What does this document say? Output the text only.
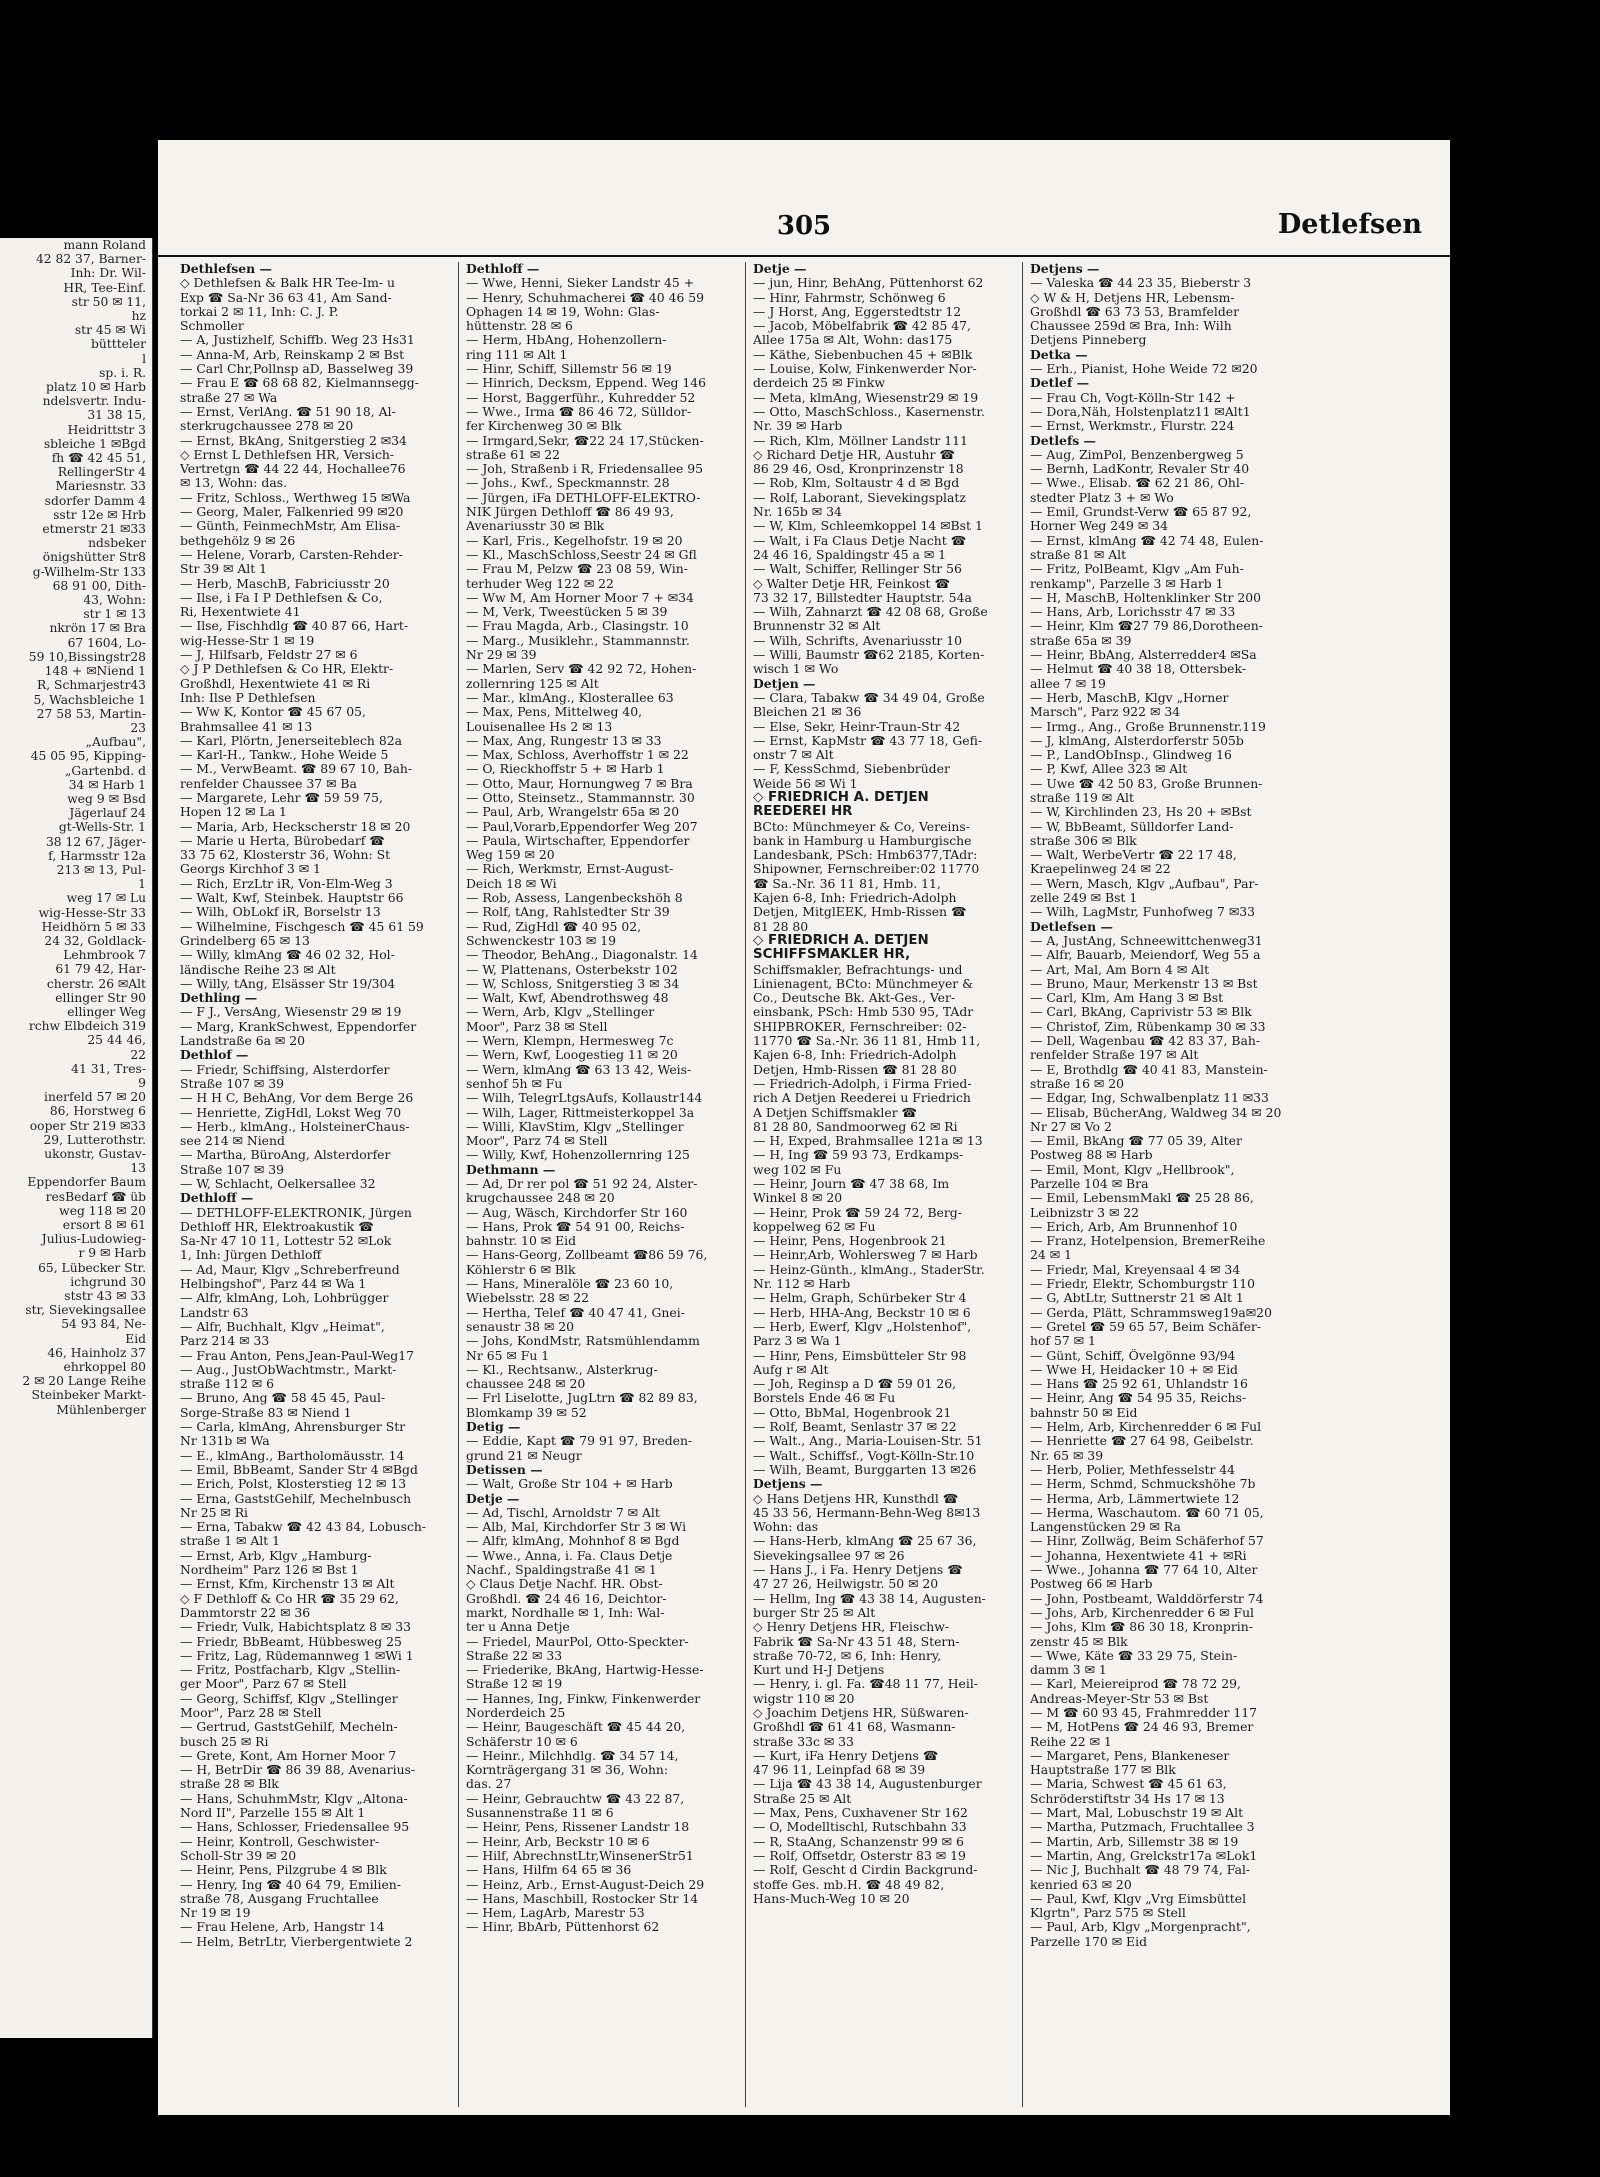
mann Roland
42 82 37, Barner-
Inh: Dr. Wil-
HR, Tee-Einf.
str 50 ✉ 11,
hz
str 45 ✉ Wi
büttteler
l
sp. i. R.
platz 10 ✉ Harb
ndelsvertr. Indu-
31 38 15,
Heidrittstr 3
sbleiche 1 ✉Bgd
fh ☎ 42 45 51,
RellingerStr 4
Mariesnstr. 33
sdorfer Damm 4
sstr 12e ✉ Hrb
etmerstr 21 ✉33
ndsbeker
önigshütter Str8
g-Wilhelm-Str 133
68 91 00, Dith-
43, Wohn:
str 1 ✉ 13
nkrön 17 ✉ Bra
67 1604, Lo-
59 10,Bissingstr28
148 + ✉Niend 1
R, Schmarjestr43
5, Wachsbleiche 1
27 58 53, Martin-
23
„Aufbau",
45 05 95, Kipping-
„Gartenbd. d
34 ✉ Harb 1
weg 9 ✉ Bsd
Jägerlauf 24
gt-Wells-Str. 1
38 12 67, Jäger-
f, Harmsstr 12a
213 ✉ 13, Pul-
1
weg 17 ✉ Lu
wig-Hesse-Str 33
Heidhörn 5 ✉ 33
24 32, Goldlack-
Lehmbrook 7
61 79 42, Har-
cherstr. 26 ✉Alt
ellinger Str 90
ellinger Weg
rchw Elbdeich 319
25 44 46,
22
41 31, Tres-
9
inerfeld 57 ✉ 20
86, Horstweg 6
ooper Str 219 ✉33
29, Lutterothstr.
ukonstr, Gustav-
13
Eppendorfer Baum
resBedarf ☎ üb
weg 118 ✉ 20
ersort 8 ✉ 61
Julius-Ludowieg-
r 9 ✉ Harb
65, Lübecker Str.
ichgrund 30
ststr 43 ✉ 33
str, Sievekingsallee
54 93 84, Ne-
Eid
46, Hainholz 37
ehrkoppel 80
2 ✉ 20 Lange Reihe
Steinbeker Markt-
Mühlenberger
305	Detlefsen
Dethlefsen —
◇ Dethlefsen & Balk HR Tee-Im- u
Exp ☎ Sa-Nr 36 63 41, Am Sand-
torkai 2 ✉ 11, Inh: C. J. P.
Schmoller
— A, Justizhelf, Schiffb. Weg 23 Hs31
— Anna-M, Arb, Reinskamp 2 ✉ Bst
— Carl Chr,Pollnsp aD, Basselweg 39
— Frau E ☎ 68 68 82, Kielmannsegg-
straße 27 ✉ Wa
— Ernst, VerlAng. ☎ 51 90 18, Al-
sterkrugchaussee 278 ✉ 20
— Ernst, BkAng, Snitgerstieg 2 ✉34
◇ Ernst L Dethlefsen HR, Versich-
Vertretgn ☎ 44 22 44, Hochallee76
✉ 13, Wohn: das.
— Fritz, Schloss., Werthweg 15 ✉Wa
— Georg, Maler, Falkenried 99 ✉20
— Günth, FeinmechMstr, Am Elisa-
bethgehölz 9 ✉ 26
— Helene, Vorarb, Carsten-Rehder-
Str 39 ✉ Alt 1
— Herb, MaschB, Fabriciusstr 20
— Ilse, i Fa I P Dethlefsen & Co,
Ri, Hexentwiete 41
— Ilse, Fischhdlg ☎ 40 87 66, Hart-
wig-Hesse-Str 1 ✉ 19
— J, Hilfsarb, Feldstr 27 ✉ 6
◇ J P Dethlefsen & Co HR, Elektr-
Großhdl, Hexentwiete 41 ✉ Ri
Inh: Ilse P Dethlefsen
— Ww K, Kontor ☎ 45 67 05,
Brahmsallee 41 ✉ 13
— Karl, Plörtn, Jenerseiteblech 82a
— Karl-H., Tankw., Hohe Weide 5
— M., VerwBeamt. ☎ 89 67 10, Bah-
renfelder Chaussee 37 ✉ Ba
— Margarete, Lehr ☎ 59 59 75,
Hopen 12 ✉ La 1
— Maria, Arb, Heckscherstr 18 ✉ 20
— Marie u Herta, Bürobedarf ☎
33 75 62, Klosterstr 36, Wohn: St
Georgs Kirchhof 3 ✉ 1
— Rich, ErzLtr iR, Von-Elm-Weg 3
— Walt, Kwf, Steinbek. Hauptstr 66
— Wilh, ObLokf iR, Borselstr 13
— Wilhelmine, Fischgesch ☎ 45 61 59
Grindelberg 65 ✉ 13
— Willy, klmAng ☎ 46 02 32, Hol-
ländische Reihe 23 ✉ Alt
— Willy, tAng, Elsässer Str 19/304
Dethling —
— F J., VersAng, Wiesenstr 29 ✉ 19
— Marg, KrankSchwest, Eppendorfer
Landstraße 6a ✉ 20
Dethlof —
— Friedr, Schiffsing, Alsterdorfer
Straße 107 ✉ 39
— H H C, BehAng, Vor dem Berge 26
— Henriette, ZigHdl, Lokst Weg 70
— Herb., klmAng., HolsteinerChaus-
see 214 ✉ Niend
— Martha, BüroAng, Alsterdorfer
Straße 107 ✉ 39
— W, Schlacht, Oelkersallee 32
Dethloff —
— DETHLOFF-ELEKTRONIK, Jürgen
Dethloff HR, Elektroakustik ☎
Sa-Nr 47 10 11, Lottestr 52 ✉Lok
1, Inh: Jürgen Dethloff
— Ad, Maur, Klgv „Schreberfreund
Helbingshof", Parz 44 ✉ Wa 1
— Alfr, klmAng, Loh, Lohbrügger
Landstr 63
— Alfr, Buchhalt, Klgv „Heimat",
Parz 214 ✉ 33
— Frau Anton, Pens,Jean-Paul-Weg17
— Aug., JustObWachtmstr., Markt-
straße 112 ✉ 6
— Bruno, Ang ☎ 58 45 45, Paul-
Sorge-Straße 83 ✉ Niend 1
— Carla, klmAng, Ahrensburger Str
Nr 131b ✉ Wa
— E., klmAng., Bartholomäusstr. 14
— Emil, BbBeamt, Sander Str 4 ✉Bgd
— Erich, Polst, Klosterstieg 12 ✉ 13
— Erna, GaststGehilf, Mechelnbusch
Nr 25 ✉ Ri
— Erna, Tabakw ☎ 42 43 84, Lobusch-
straße 1 ✉ Alt 1
— Ernst, Arb, Klgv „Hamburg-
Nordheim" Parz 126 ✉ Bst 1
— Ernst, Kfm, Kirchenstr 13 ✉ Alt
◇ F Dethloff & Co HR ☎ 35 29 62,
Dammtorstr 22 ✉ 36
— Friedr, Vulk, Habichtsplatz 8 ✉ 33
— Friedr, BbBeamt, Hübbesweg 25
— Fritz, Lag, Rüdemannweg 1 ✉Wi 1
— Fritz, Postfacharb, Klgv „Stellin-
ger Moor", Parz 67 ✉ Stell
— Georg, Schiffsf, Klgv „Stellinger
Moor", Parz 28 ✉ Stell
— Gertrud, GaststGehilf, Mecheln-
busch 25 ✉ Ri
— Grete, Kont, Am Horner Moor 7
— H, BetrDir ☎ 86 39 88, Avenarius-
straße 28 ✉ Blk
— Hans, SchuhmMstr, Klgv „Altona-
Nord II", Parzelle 155 ✉ Alt 1
— Hans, Schlosser, Friedensallee 95
— Heinr, Kontroll, Geschwister-
Scholl-Str 39 ✉ 20
— Heinr, Pens, Pilzgrube 4 ✉ Blk
— Henry, Ing ☎ 40 64 79, Emilien-
straße 78, Ausgang Fruchtallee
Nr 19 ✉ 19
— Frau Helene, Arb, Hangstr 14
— Helm, BetrLtr, Vierbergentwiete 2
Dethloff —
— Wwe, Henni, Sieker Landstr 45 +
— Henry, Schuhmacherei ☎ 40 46 59
Ophagen 14 ✉ 19, Wohn: Glas-
hüttenstr. 28 ✉ 6
— Herm, HbAng, Hohenzollern-
ring 111 ✉ Alt 1
— Hinr, Schiff, Sillemstr 56 ✉ 19
— Hinrich, Decksm, Eppend. Weg 146
— Horst, Baggerführ., Kuhredder 52
— Wwe., Irma ☎ 86 46 72, Sülldor-
fer Kirchenweg 30 ✉ Blk
— Irmgard,Sekr, ☎22 24 17,Stücken-
straße 61 ✉ 22
— Joh, Straßenb i R, Friedensallee 95
— Johs., Kwf., Speckmannstr. 28
— Jürgen, iFa DETHLOFF-ELEKTRO-
NIK Jürgen Dethloff ☎ 86 49 93,
Avenariusstr 30 ✉ Blk
— Karl, Fris., Kegelhofstr. 19 ✉ 20
— Kl., MaschSchloss,Seestr 24 ✉ Gfl
— Frau M, Pelzw ☎ 23 08 59, Win-
terhuder Weg 122 ✉ 22
— Ww M, Am Horner Moor 7 + ✉34
— M, Verk, Tweestücken 5 ✉ 39
— Frau Magda, Arb., Clasingstr. 10
— Marg., Musiklehr., Stammannstr.
Nr 29 ✉ 39
— Marlen, Serv ☎ 42 92 72, Hohen-
zollernring 125 ✉ Alt
— Mar., klmAng., Klosterallee 63
— Max, Pens, Mittelweg 40,
Louisenallee Hs 2 ✉ 13
— Max, Ang, Rungestr 13 ✉ 33
— Max, Schloss, Averhoffstr 1 ✉ 22
— O, Rieckhoffstr 5 + ✉ Harb 1
— Otto, Maur, Hornungweg 7 ✉ Bra
— Otto, Steinsetz., Stammannstr. 30
— Paul, Arb, Wrangelstr 65a ✉ 20
— Paul,Vorarb,Eppendorfer Weg 207
— Paula, Wirtschafter, Eppendorfer
Weg 159 ✉ 20
— Rich, Werkmstr, Ernst-August-
Deich 18 ✉ Wi
— Rob, Assess, Langenbeckshöh 8
— Rolf, tAng, Rahlstedter Str 39
— Rud, ZigHdl ☎ 40 95 02,
Schwenckestr 103 ✉ 19
— Theodor, BehAng., Diagonalstr. 14
— W, Plattenans, Osterbekstr 102
— W, Schloss, Snitgerstieg 3 ✉ 34
— Walt, Kwf, Abendrothsweg 48
— Wern, Arb, Klgv „Stellinger
Moor", Parz 38 ✉ Stell
— Wern, Klempn, Hermesweg 7c
— Wern, Kwf, Loogestieg 11 ✉ 20
— Wern, klmAng ☎ 63 13 42, Weis-
senhof 5h ✉ Fu
— Wilh, TelegrLtgsAufs, Kollaustr144
— Wilh, Lager, Rittmeisterkoppel 3a
— Willi, KlavStim, Klgv „Stellinger
Moor", Parz 74 ✉ Stell
— Willy, Kwf, Hohenzollernring 125
Dethmann —
— Ad, Dr rer pol ☎ 51 92 24, Alster-
krugchaussee 248 ✉ 20
— Aug, Wäsch, Kirchdorfer Str 160
— Hans, Prok ☎ 54 91 00, Reichs-
bahnstr. 10 ✉ Eid
— Hans-Georg, Zollbeamt ☎86 59 76,
Köhlerstr 6 ✉ Blk
— Hans, Mineralöle ☎ 23 60 10,
Wiebelsstr. 28 ✉ 22
— Hertha, Telef ☎ 40 47 41, Gnei-
senaustr 38 ✉ 20
— Johs, KondMstr, Ratsmühlendamm
Nr 65 ✉ Fu 1
— Kl., Rechtsanw., Alsterkrug-
chaussee 248 ✉ 20
— Frl Liselotte, JugLtrn ☎ 82 89 83,
Blomkamp 39 ✉ 52
Detig —
— Eddie, Kapt ☎ 79 91 97, Breden-
grund 21 ✉ Neugr
Detissen —
— Walt, Große Str 104 + ✉ Harb
Detje —
— Ad, Tischl, Arnoldstr 7 ✉ Alt
— Alb, Mal, Kirchdorfer Str 3 ✉ Wi
— Alfr, klmAng, Mohnhof 8 ✉ Bgd
— Wwe., Anna, i. Fa. Claus Detje
Nachf., Spaldingstraße 41 ✉ 1
◇ Claus Detje Nachf. HR. Obst-
Großhdl. ☎ 24 46 16, Deichtor-
markt, Nordhalle ✉ 1, Inh: Wal-
ter u Anna Detje
— Friedel, MaurPol, Otto-Speckter-
Straße 22 ✉ 33
— Friederike, BkAng, Hartwig-Hesse-
Straße 12 ✉ 19
— Hannes, Ing, Finkw, Finkenwerder
Norderdeich 25
— Heinr, Baugeschäft ☎ 45 44 20,
Schäferstr 10 ✉ 6
— Heinr., Milchhdlg. ☎ 34 57 14,
Kornträgergang 31 ✉ 36, Wohn:
das. 27
— Heinr, Gebrauchtw ☎ 43 22 87,
Susannenstraße 11 ✉ 6
— Heinr, Pens, Rissener Landstr 18
— Heinr, Arb, Beckstr 10 ✉ 6
— Hilf, AbrechnstLtr,WinsenerStr51
— Hans, Hilfm 64 65 ✉ 36
— Heinz, Arb., Ernst-August-Deich 29
— Hans, Maschbill, Rostocker Str 14
— Hem, LagArb, Marestr 53
— Hinr, BbArb, Püttenhorst 62
Detje —
— jun, Hinr, BehAng, Püttenhorst 62
— Hinr, Fahrmstr, Schönweg 6
— J Horst, Ang, Eggerstedtstr 12
— Jacob, Möbelfabrik ☎ 42 85 47,
Allee 175a ✉ Alt, Wohn: das175
— Käthe, Siebenbuchen 45 + ✉Blk
— Louise, Kolw, Finkenwerder Nor-
derdeich 25 ✉ Finkw
— Meta, klmAng, Wiesenstr29 ✉ 19
— Otto, MaschSchloss., Kasernenstr.
Nr. 39 ✉ Harb
— Rich, Klm, Möllner Landstr 111
◇ Richard Detje HR, Austuhr ☎
86 29 46, Osd, Kronprinzenstr 18
— Rob, Klm, Soltaustr 4 d ✉ Bgd
— Rolf, Laborant, Sievekingsplatz
Nr. 165b ✉ 34
— W, Klm, Schleemkoppel 14 ✉Bst 1
— Walt, i Fa Claus Detje Nacht ☎
24 46 16, Spaldingstr 45 a ✉ 1
— Walt, Schiffer, Rellinger Str 56
◇ Walter Detje HR, Feinkost ☎
73 32 17, Billstedter Hauptstr. 54a
— Wilh, Zahnarzt ☎ 42 08 68, Große
Brunnenstr 32 ✉ Alt
— Wilh, Schrifts, Avenariusstr 10
— Willi, Baumstr ☎62 2185, Korten-
wisch 1 ✉ Wo
Detjen —
— Clara, Tabakw ☎ 34 49 04, Große
Bleichen 21 ✉ 36
— Else, Sekr, Heinr-Traun-Str 42
— Ernst, KapMstr ☎ 43 77 18, Gefi-
onstr 7 ✉ Alt
— F, KessSchmd, Siebenbrüder
Weide 56 ✉ Wi 1
◇ FRIEDRICH A. DETJEN
REEDEREI HR
BCto: Münchmeyer & Co, Vereins-
bank in Hamburg u Hamburgische
Landesbank, PSch: Hmb6377,TAdr:
Shipowner, Fernschreiber:02 11770
☎ Sa.-Nr. 36 11 81, Hmb. 11,
Kajen 6-8, Inh: Friedrich-Adolph
Detjen, MitglEEK, Hmb-Rissen ☎
81 28 80
◇ FRIEDRICH A. DETJEN
SCHIFFSMAKLER HR,
Schiffsmakler, Befrachtungs- und
Linienagent, BCto: Münchmeyer &
Co., Deutsche Bk. Akt-Ges., Ver-
einsbank, PSch: Hmb 530 95, TAdr
SHIPBROKER, Fernschreiber: 02-
11770 ☎ Sa.-Nr. 36 11 81, Hmb 11,
Kajen 6-8, Inh: Friedrich-Adolph
Detjen, Hmb-Rissen ☎ 81 28 80
— Friedrich-Adolph, i Firma Fried-
rich A Detjen Reederei u Friedrich
A Detjen Schiffsmakler ☎
81 28 80, Sandmoorweg 62 ✉ Ri
— H, Exped, Brahmsallee 121a ✉ 13
— H, Ing ☎ 59 93 73, Erdkamps-
weg 102 ✉ Fu
— Heinr, Journ ☎ 47 38 68, Im
Winkel 8 ✉ 20
— Heinr, Prok ☎ 59 24 72, Berg-
koppelweg 62 ✉ Fu
— Heinr, Pens, Hogenbrook 21
— Heinr,Arb, Wohlersweg 7 ✉ Harb
— Heinz-Günth., klmAng., StaderStr.
Nr. 112 ✉ Harb
— Helm, Graph, Schürbeker Str 4
— Herb, HHA-Ang, Beckstr 10 ✉ 6
— Herb, Ewerf, Klgv „Holstenhof",
Parz 3 ✉ Wa 1
— Hinr, Pens, Eimsbütteler Str 98
Aufg r ✉ Alt
— Joh, Reginsp a D ☎ 59 01 26,
Borstels Ende 46 ✉ Fu
— Otto, BbMal, Hogenbrook 21
— Rolf, Beamt, Senlastr 37 ✉ 22
— Walt., Ang., Maria-Louisen-Str. 51
— Walt., Schiffsf., Vogt-Kölln-Str.10
— Wilh, Beamt, Burggarten 13 ✉26
Detjens —
◇ Hans Detjens HR, Kunsthdl ☎
45 33 56, Hermann-Behn-Weg 8✉13
Wohn: das
— Hans-Herb, klmAng ☎ 25 67 36,
Sievekingsallee 97 ✉ 26
— Hans J., i Fa. Henry Detjens ☎
47 27 26, Heilwigstr. 50 ✉ 20
— Hellm, Ing ☎ 43 38 14, Augusten-
burger Str 25 ✉ Alt
◇ Henry Detjens HR, Fleischw-
Fabrik ☎ Sa-Nr 43 51 48, Stern-
straße 70-72, ✉ 6, Inh: Henry,
Kurt und H-J Detjens
— Henry, i. gl. Fa. ☎48 11 77, Heil-
wigstr 110 ✉ 20
◇ Joachim Detjens HR, Süßwaren-
Großhdl ☎ 61 41 68, Wasmann-
straße 33c ✉ 33
— Kurt, iFa Henry Detjens ☎
47 96 11, Leinpfad 68 ✉ 39
— Lija ☎ 43 38 14, Augustenburger
Straße 25 ✉ Alt
— Max, Pens, Cuxhavener Str 162
— O, Modelltischl, Rutschbahn 33
— R, StaAng, Schanzenstr 99 ✉ 6
— Rolf, Offsetdr, Osterstr 83 ✉ 19
— Rolf, Gescht d Cirdin Backgrund-
stoffe Ges. mb.H. ☎ 48 49 82,
Hans-Much-Weg 10 ✉ 20
Detjens —
— Valeska ☎ 44 23 35, Bieberstr 3
◇ W & H, Detjens HR, Lebensm-
Großhdl ☎ 63 73 53, Bramfelder
Chaussee 259d ✉ Bra, Inh: Wilh
Detjens Pinneberg
Detka —
— Erh., Pianist, Hohe Weide 72 ✉20
Detlef —
— Frau Ch, Vogt-Kölln-Str 142 +
— Dora,Näh, Holstenplatz11 ✉Alt1
— Ernst, Werkmstr., Flurstr. 224
Detlefs —
— Aug, ZimPol, Benzenbergweg 5
— Bernh, LadKontr, Revaler Str 40
— Wwe., Elisab. ☎ 62 21 86, Ohl-
stedter Platz 3 + ✉ Wo
— Emil, Grundst-Verw ☎ 65 87 92,
Horner Weg 249 ✉ 34
— Ernst, klmAng ☎ 42 74 48, Eulen-
straße 81 ✉ Alt
— Fritz, PolBeamt, Klgv „Am Fuh-
renkamp", Parzelle 3 ✉ Harb 1
— H, MaschB, Holtenklinker Str 200
— Hans, Arb, Lorichsstr 47 ✉ 33
— Heinr, Klm ☎27 79 86,Dorotheen-
straße 65a ✉ 39
— Heinr, BbAng, Alsterredder4 ✉Sa
— Helmut ☎ 40 38 18, Ottersbek-
allee 7 ✉ 19
— Herb, MaschB, Klgv „Horner
Marsch", Parz 922 ✉ 34
— Irmg., Ang., Große Brunnenstr.119
— J, klmAng, Alsterdorferstr 505b
— P., LandObInsp., Glindweg 16
— P, Kwf, Allee 323 ✉ Alt
— Uwe ☎ 42 50 83, Große Brunnen-
straße 119 ✉ Alt
— W, Kirchlinden 23, Hs 20 + ✉Bst
— W, BbBeamt, Sülldorfer Land-
straße 306 ✉ Blk
— Walt, WerbeVertr ☎ 22 17 48,
Kraepelinweg 24 ✉ 22
— Wern, Masch, Klgv „Aufbau", Par-
zelle 249 ✉ Bst 1
— Wilh, LagMstr, Funhofweg 7 ✉33
Detlefsen —
— A, JustAng, Schneewittchenweg31
— Alfr, Bauarb, Meiendorf, Weg 55 a
— Art, Mal, Am Born 4 ✉ Alt
— Bruno, Maur, Merkenstr 13 ✉ Bst
— Carl, Klm, Am Hang 3 ✉ Bst
— Carl, BkAng, Caprivistr 53 ✉ Blk
— Christof, Zim, Rübenkamp 30 ✉ 33
— Dell, Wagenbau ☎ 42 83 37, Bah-
renfelder Straße 197 ✉ Alt
— E, Brothdlg ☎ 40 41 83, Manstein-
straße 16 ✉ 20
— Edgar, Ing, Schwalbenplatz 11 ✉33
— Elisab, BücherAng, Waldweg 34 ✉ 20
Nr 27 ✉ Vo 2
— Emil, BkAng ☎ 77 05 39, Alter
Postweg 88 ✉ Harb
— Emil, Mont, Klgv „Hellbrook",
Parzelle 104 ✉ Bra
— Emil, LebensmMakl ☎ 25 28 86,
Leibnizstr 3 ✉ 22
— Erich, Arb, Am Brunnenhof 10
— Franz, Hotelpension, BremerReihe
24 ✉ 1
— Friedr, Mal, Kreyensaal 4 ✉ 34
— Friedr, Elektr, Schomburgstr 110
— G, AbtLtr, Suttnerstr 21 ✉ Alt 1
— Gerda, Plätt, Schrammsweg19a✉20
— Gretel ☎ 59 65 57, Beim Schäfer-
hof 57 ✉ 1
— Günt, Schiff, Övelgönne 93/94
— Wwe H, Heidacker 10 + ✉ Eid
— Hans ☎ 25 92 61, Uhlandstr 16
— Heinr, Ang ☎ 54 95 35, Reichs-
bahnstr 50 ✉ Eid
— Helm, Arb, Kirchenredder 6 ✉ Ful
— Henriette ☎ 27 64 98, Geibelstr.
Nr. 65 ✉ 39
— Herb, Polier, Methfesselstr 44
— Herm, Schmd, Schmuckshöhe 7b
— Herma, Arb, Lämmertwiete 12
— Herma, Waschautom. ☎ 60 71 05,
Langenstücken 29 ✉ Ra
— Hinr, Zollwäg, Beim Schäferhof 57
— Johanna, Hexentwiete 41 + ✉Ri
— Wwe., Johanna ☎ 77 64 10, Alter
Postweg 66 ✉ Harb
— John, Postbeamt, Walddörferstr 74
— Johs, Arb, Kirchenredder 6 ✉ Ful
— Johs, Klm ☎ 86 30 18, Kronprin-
zenstr 45 ✉ Blk
— Wwe, Käte ☎ 33 29 75, Stein-
damm 3 ✉ 1
— Karl, Meiereiprod ☎ 78 72 29,
Andreas-Meyer-Str 53 ✉ Bst
— M ☎ 60 93 45, Frahmredder 117
— M, HotPens ☎ 24 46 93, Bremer
Reihe 22 ✉ 1
— Margaret, Pens, Blankeneser
Hauptstraße 177 ✉ Blk
— Maria, Schwest ☎ 45 61 63,
Schröderstiftstr 34 Hs 17 ✉ 13
— Mart, Mal, Lobuschstr 19 ✉ Alt
— Martha, Putzmach, Fruchtallee 3
— Martin, Arb, Sillemstr 38 ✉ 19
— Martin, Ang, Grelckstr17a ✉Lok1
— Nic J, Buchhalt ☎ 48 79 74, Fal-
kenried 63 ✉ 20
— Paul, Kwf, Klgv „Vrg Eimsbüttel
Klgrtn", Parz 575 ✉ Stell
— Paul, Arb, Klgv „Morgenpracht",
Parzelle 170 ✉ Eid
